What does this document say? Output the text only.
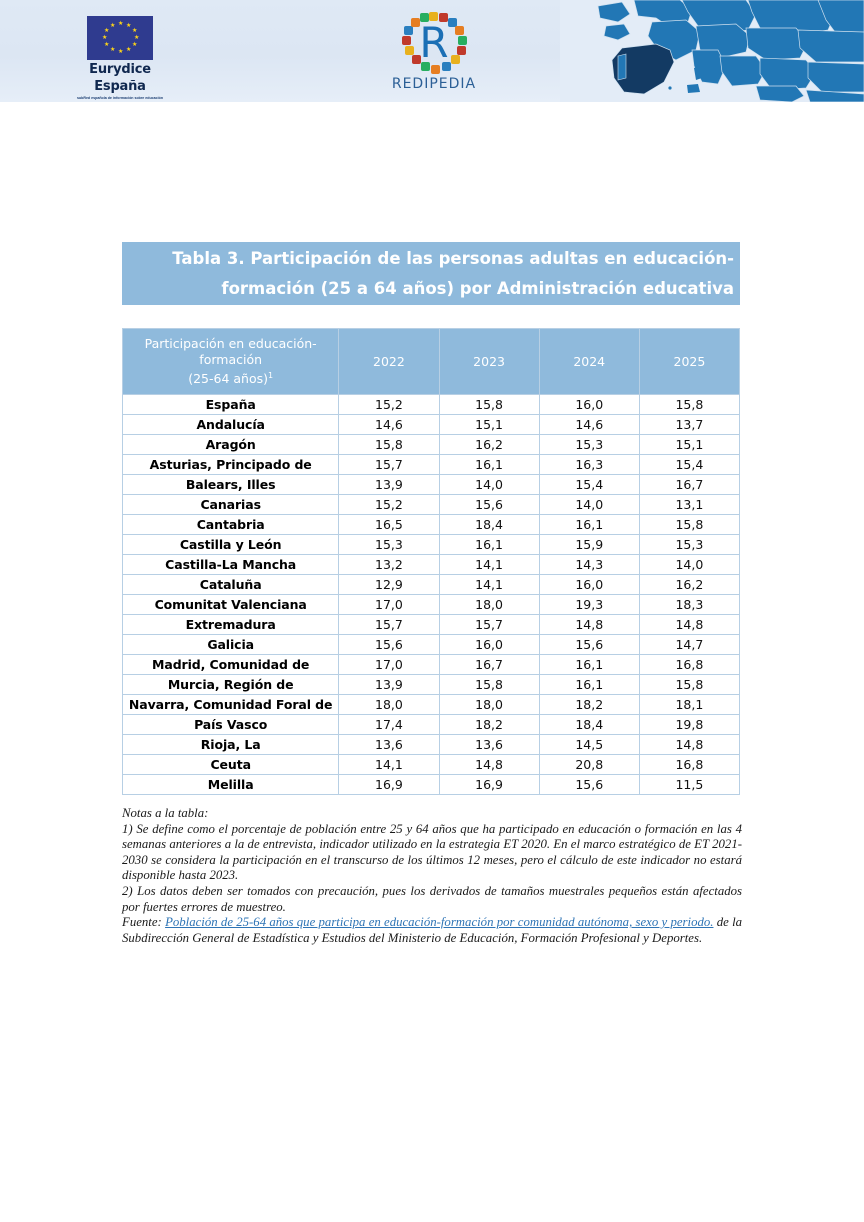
★ ★
★
★
★
★
★
★
★
★
★
★
Eurydice
España
subRed española de información sobre educación
R
REDIPEDIA
Tabla 3. Participación de las personas adultas en educación-
formación (25 a 64 años) por Administración educativa
Participación en educación-
formación
(25-64 años)$^1$	2022	2023	2024	2025
España	15,2	15,8	16,0	15,8
Andalucía	14,6	15,1	14,6	13,7
Aragón	15,8	16,2	15,3	15,1
Asturias, Principado de	15,7	16,1	16,3	15,4
Balears, Illes	13,9	14,0	15,4	16,7
Canarias	15,2	15,6	14,0	13,1
Cantabria	16,5	18,4	16,1	15,8
Castilla y León	15,3	16,1	15,9	15,3
Castilla-La Mancha	13,2	14,1	14,3	14,0
Cataluña	12,9	14,1	16,0	16,2
Comunitat Valenciana	17,0	18,0	19,3	18,3
Extremadura	15,7	15,7	14,8	14,8
Galicia	15,6	16,0	15,6	14,7
Madrid, Comunidad de	17,0	16,7	16,1	16,8
Murcia, Región de	13,9	15,8	16,1	15,8
Navarra, Comunidad Foral de	18,0	18,0	18,2	18,1
País Vasco	17,4	18,2	18,4	19,8
Rioja, La	13,6	13,6	14,5	14,8
Ceuta	14,1	14,8	20,8	16,8
Melilla	16,9	16,9	15,6	11,5

Notas a la tabla:

1) Se define como el porcentaje de población entre 25 y 64 años que ha participado en educación o formación en las 4 semanas anteriores a la de entrevista, indicador utilizado en la estrategia ET 2020. En el marco estratégico de ET 2021-2030 se considera la participación en el transcurso de los últimos 12 meses, pero el cálculo de este indicador no estará disponible hasta 2023.

2) Los datos deben ser tomados con precaución, pues los derivados de tamaños muestrales pequeños están afectados por fuertes errores de muestreo.

Fuente: Población de 25-64 años que participa en educación-formación por comunidad autónoma, sexo y periodo. de la Subdirección General de Estadística y Estudios del Ministerio de Educación, Formación Profesional y Deportes.
